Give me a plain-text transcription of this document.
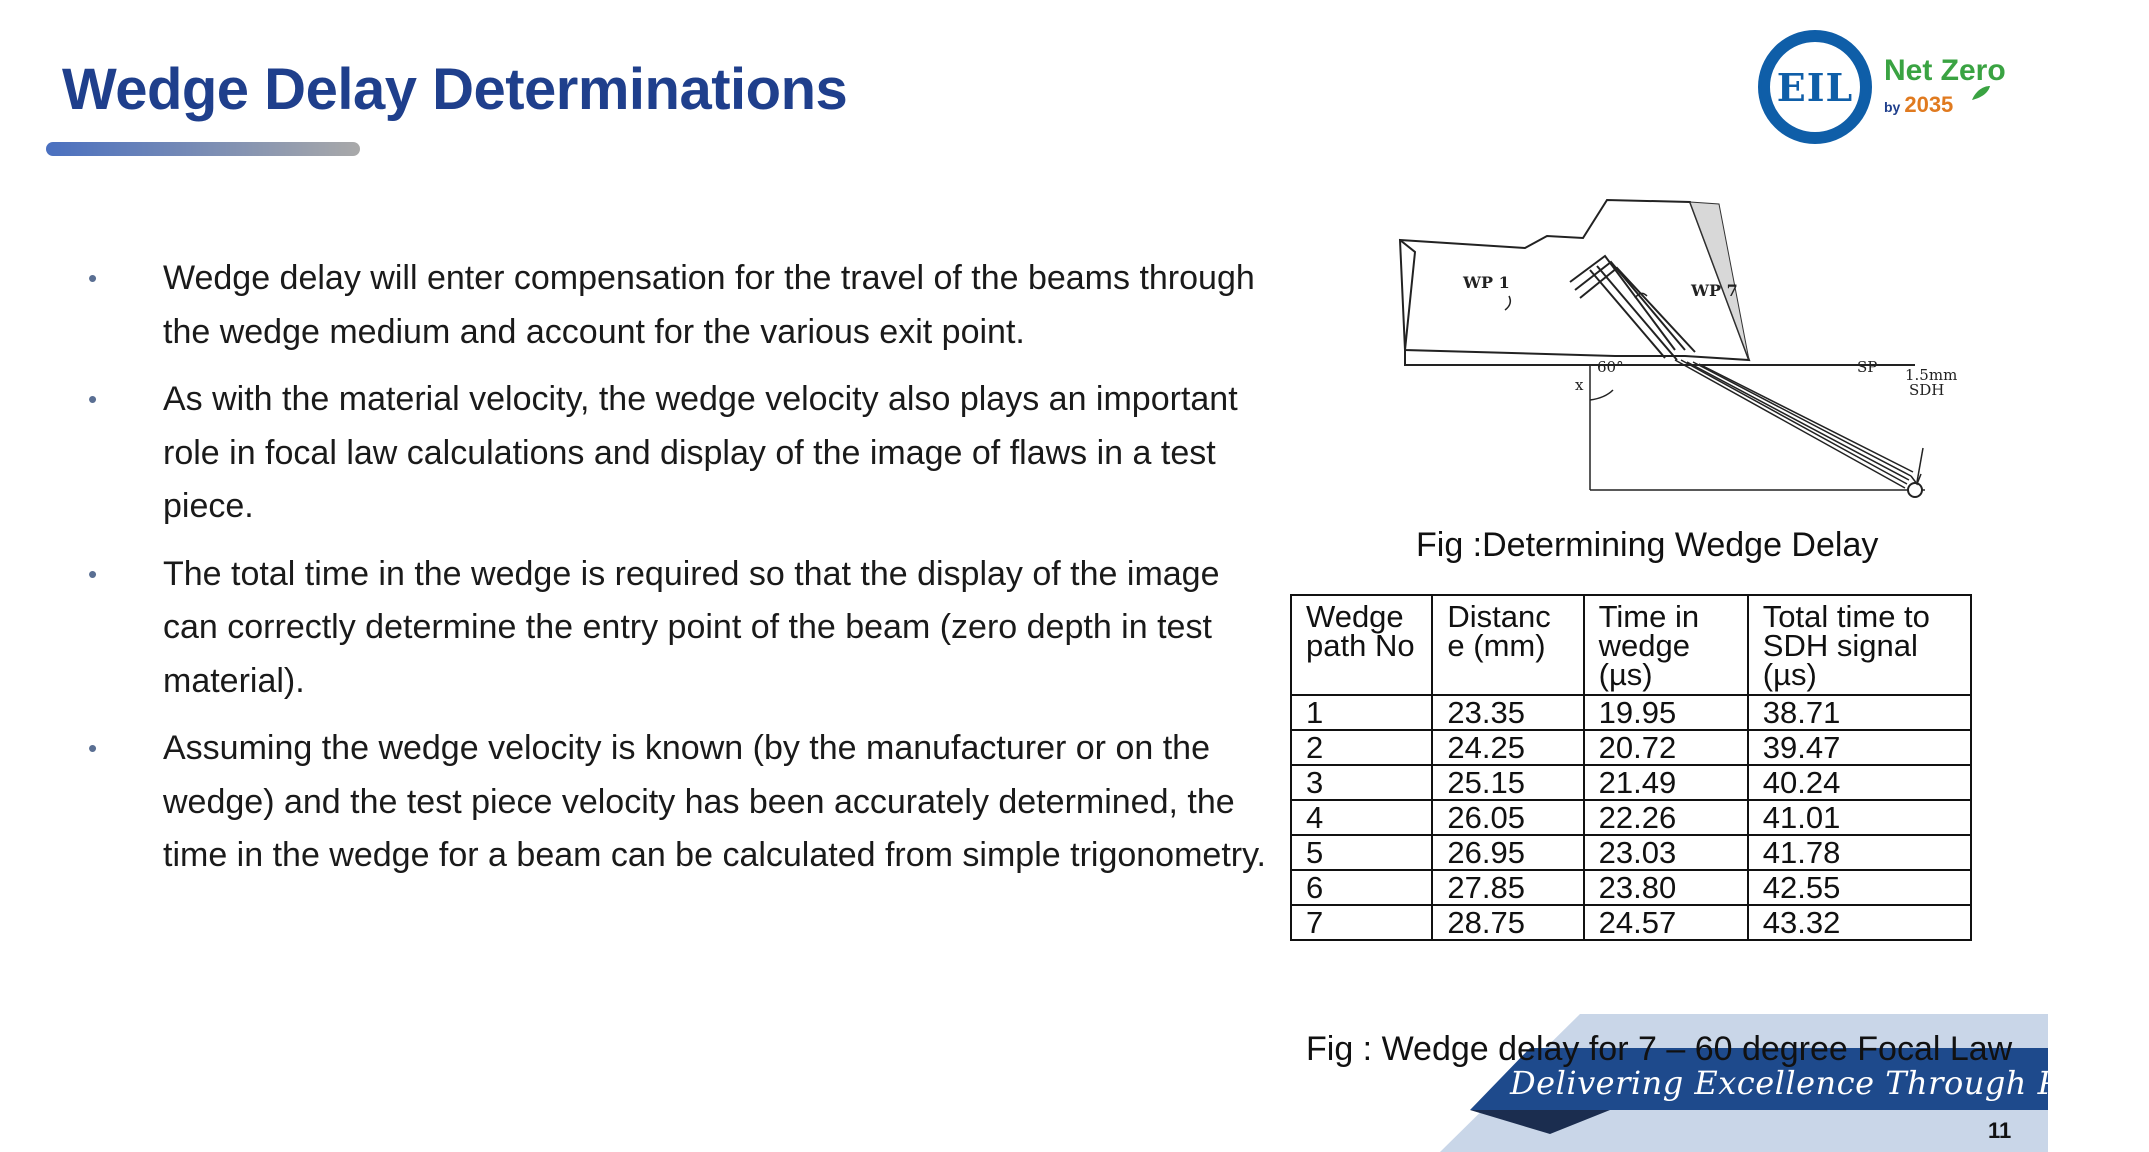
Wedge Delay Determinations	EIL Net Zero
by 2035
• Wedge delay will enter compensation for the travel of the beams through the wedge medium and account for the various exit point.
• As with the material velocity, the wedge velocity also plays an important role in focal law calculations and display of the image of flaws in a test piece.
• The total time in the wedge is required so that the display of the image can correctly determine the entry point of the beam (zero depth in test material).
• Assuming the wedge velocity is known (by the manufacturer or on the wedge) and the test piece velocity has been accurately determined, the time in the wedge for a beam can be calculated from simple trigonometry.
WP 1	WP 7
60°
x
SP 1.5mm
SDH
Fig :Determining Wedge Delay
Wedge path No	Distanc e (mm)	Time in wedge (µs)	Total time to SDH signal (µs)
1	23.35	19.95	38.71
2	24.25	20.72	39.47
3	25.15	21.49	40.24
4	26.05	22.26	41.01
5	26.95	23.03	41.78
6	27.85	23.80	42.55
7	28.75	24.57	43.32
Fig : Wedge delay for 7 – 60 degree Focal Law
Delivering Excellence Through People
11
